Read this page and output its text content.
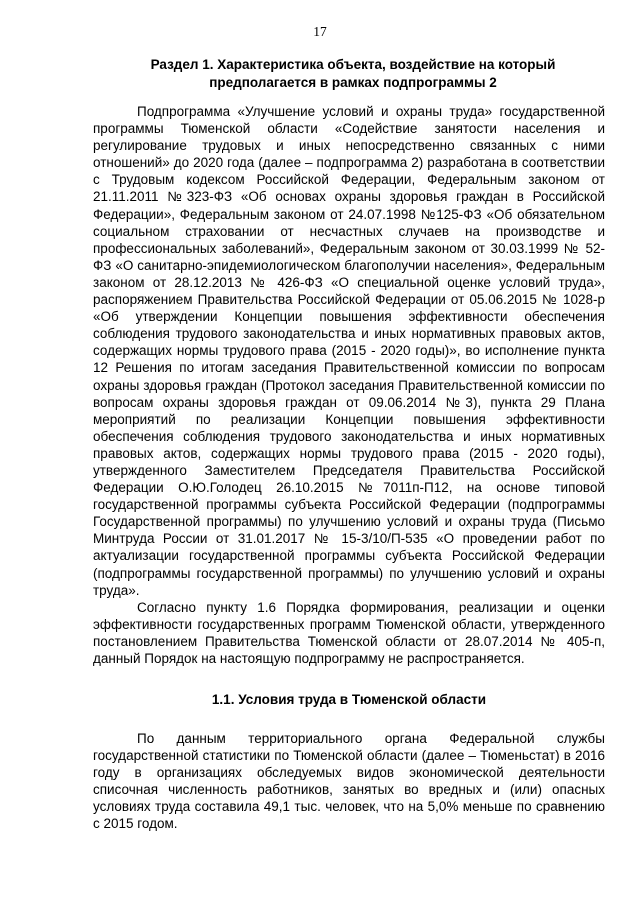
17
Раздел 1. Характеристика объекта, воздействие на который предполагается в рамках подпрограммы 2

Подпрограмма «Улучшение условий и охраны труда» государственной программы Тюменской области «Содействие занятости населения и регулирование трудовых и иных непосредственно связанных с ними отношений» до 2020 года (далее – подпрограмма 2) разработана в соответствии с Трудовым кодексом Российской Федерации, Федеральным законом от 21.11.2011 №323-ФЗ «Об основах охраны здоровья граждан в Российской Федерации», Федеральным законом от 24.07.1998 №125-ФЗ «Об обязательном социальном страховании от несчастных случаев на производстве и профессиональных заболеваний», Федеральным законом от 30.03.1999 № 52-ФЗ «О санитарно-эпидемиологическом благополучии населения», Федеральным законом от 28.12.2013 № 426-ФЗ «О специальной оценке условий труда», распоряжением Правительства Российской Федерации от 05.06.2015 № 1028-р «Об утверждении Концепции повышения эффективности обеспечения соблюдения трудового законодательства и иных нормативных правовых актов, содержащих нормы трудового права (2015 - 2020 годы)», во исполнение пункта 12 Решения по итогам заседания Правительственной комиссии по вопросам охраны здоровья граждан (Протокол заседания Правительственной комиссии по вопросам охраны здоровья граждан от 09.06.2014 №3), пункта 29 Плана мероприятий по реализации Концепции повышения эффективности обеспечения соблюдения трудового законодательства и иных нормативных правовых актов, содержащих нормы трудового права (2015 - 2020 годы), утвержденного Заместителем Председателя Правительства Российской Федерации О.Ю.Голодец 26.10.2015 №7011п-П12, на основе типовой государственной программы субъекта Российской Федерации (подпрограммы Государственной программы) по улучшению условий и охраны труда (Письмо Минтруда России от 31.01.2017 № 15-3/10/П-535 «О проведении работ по актуализации государственной программы субъекта Российской Федерации (подпрограммы государственной программы) по улучшению условий и охраны труда».

Согласно пункту 1.6 Порядка формирования, реализации и оценки эффективности государственных программ Тюменской области, утвержденного постановлением Правительства Тюменской области от 28.07.2014 № 405-п, данный Порядок на настоящую подпрограмму не распространяется.

1.1. Условия труда в Тюменской области

По данным территориального органа Федеральной службы государственной статистики по Тюменской области (далее – Тюменьстат) в 2016 году в организациях обследуемых видов экономической деятельности списочная численность работников, занятых во вредных и (или) опасных условиях труда составила 49,1 тыс. человек, что на 5,0% меньше по сравнению с 2015 годом.
